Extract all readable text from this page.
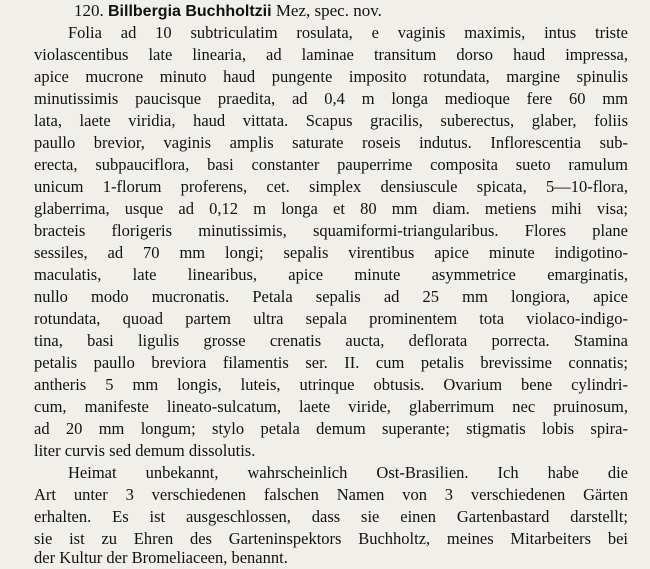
120. Billbergia Buchholtzii Mez, spec. nov.
Folia ad 10 subtriculatim rosulata, e vaginis maximis, intus triste
violascentibus late linearia, ad laminae transitum dorso haud impressa,
apice mucrone minuto haud pungente imposito rotundata, margine spinulis
minutissimis paucisque praedita, ad 0,4 m longa medioque fere 60 mm
lata, laete viridia, haud vittata. Scapus gracilis, suberectus, glaber, foliis
paullo brevior, vaginis amplis saturate roseis indutus. Inflorescentia sub-
erecta, subpauciflora, basi constanter pauperrime composita sueto ramulum
unicum 1-florum proferens, cet. simplex densiuscule spicata, 5—10-flora,
glaberrima, usque ad 0,12 m longa et 80 mm diam. metiens mihi visa;
bracteis florigeris minutissimis, squamiformi-triangularibus. Flores plane
sessiles, ad 70 mm longi; sepalis virentibus apice minute indigotino-
maculatis, late linearibus, apice minute asymmetrice emarginatis,
nullo modo mucronatis. Petala sepalis ad 25 mm longiora, apice
rotundata, quoad partem ultra sepala prominentem tota violaco-indigo-
tina, basi ligulis grosse crenatis aucta, deflorata porrecta. Stamina
petalis paullo breviora filamentis ser. II. cum petalis brevissime connatis;
antheris 5 mm longis, luteis, utrinque obtusis. Ovarium bene cylindri-
cum, manifeste lineato-sulcatum, laete viride, glaberrimum nec pruinosum,
ad 20 mm longum; stylo petala demum superante; stigmatis lobis spira-
liter curvis sed demum dissolutis.
Heimat unbekannt, wahrscheinlich Ost-Brasilien. Ich habe die
Art unter 3 verschiedenen falschen Namen von 3 verschiedenen Gärten
erhalten. Es ist ausgeschlossen, dass sie einen Gartenbastard darstellt;
sie ist zu Ehren des Garteninspektors Buchholtz, meines Mitarbeiters bei
der Kultur der Bromeliaceen, benannt.
